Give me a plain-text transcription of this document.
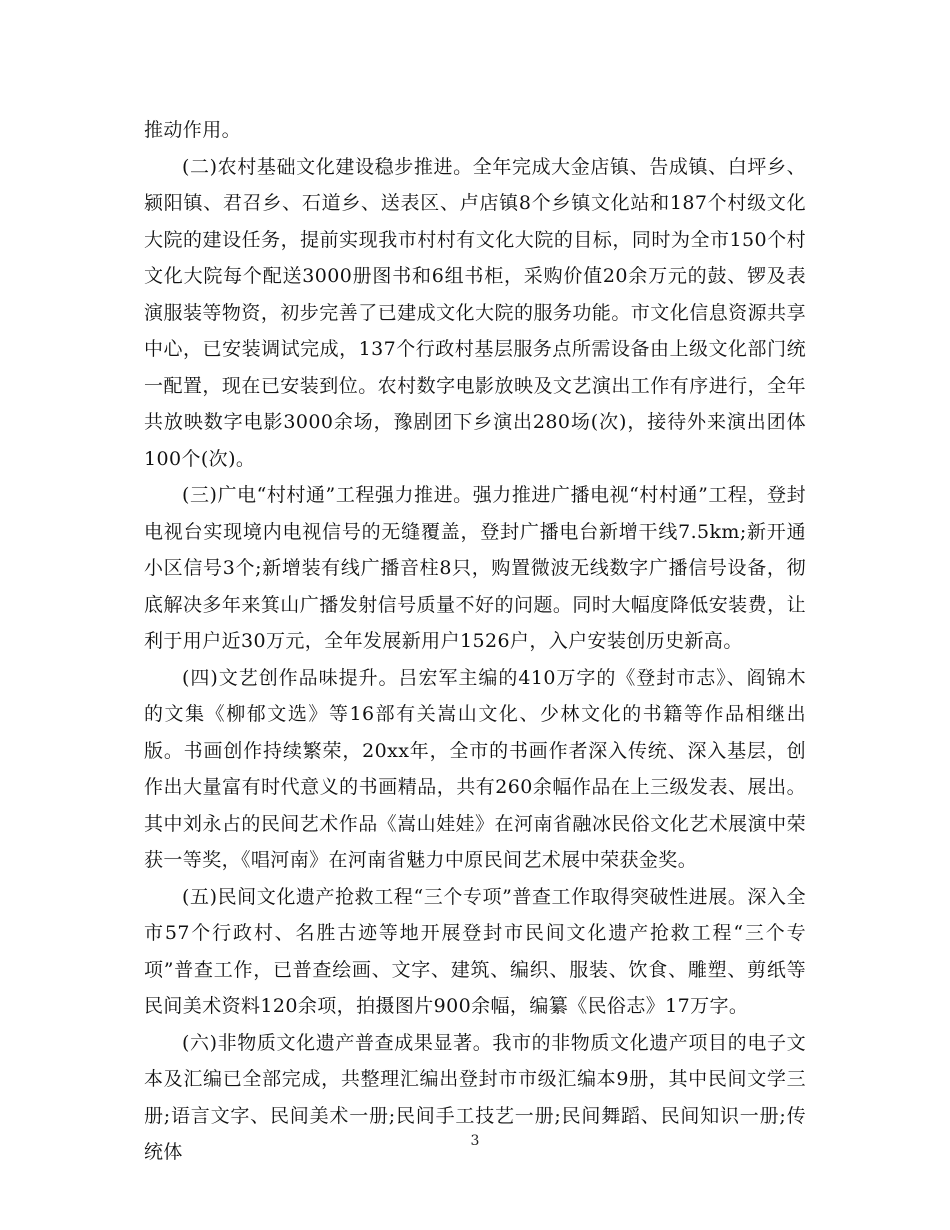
推动作用。

(二)农村基础文化建设稳步推进。全年完成大金店镇、告成镇、白坪乡、颍阳镇、君召乡、石道乡、送表区、卢店镇8个乡镇文化站和187个村级文化大院的建设任务，提前实现我市村村有文化大院的目标，同时为全市150个村文化大院每个配送3000册图书和6组书柜，采购价值20余万元的鼓、锣及表演服装等物资，初步完善了已建成文化大院的服务功能。市文化信息资源共享中心，已安装调试完成，137个行政村基层服务点所需设备由上级文化部门统一配置，现在已安装到位。农村数字电影放映及文艺演出工作有序进行，全年共放映数字电影3000余场，豫剧团下乡演出280场(次)，接待外来演出团体100个(次)。

(三)广电“村村通”工程强力推进。强力推进广播电视“村村通”工程，登封电视台实现境内电视信号的无缝覆盖，登封广播电台新增干线7.5km;新开通小区信号3个;新增装有线广播音柱8只，购置微波无线数字广播信号设备，彻底解决多年来箕山广播发射信号质量不好的问题。同时大幅度降低安装费，让利于用户近30万元，全年发展新用户1526户，入户安装创历史新高。

(四)文艺创作品味提升。吕宏军主编的410万字的《登封市志》、阎锦木的文集《柳郁文选》等16部有关嵩山文化、少林文化的书籍等作品相继出版。书画创作持续繁荣，20xx年，全市的书画作者深入传统、深入基层，创作出大量富有时代意义的书画精品，共有260余幅作品在上三级发表、展出。其中刘永占的民间艺术作品《嵩山娃娃》在河南省融冰民俗文化艺术展演中荣获一等奖，《唱河南》在河南省魅力中原民间艺术展中荣获金奖。

(五)民间文化遗产抢救工程“三个专项”普查工作取得突破性进展。深入全市57个行政村、名胜古迹等地开展登封市民间文化遗产抢救工程“三个专项”普查工作，已普查绘画、文字、建筑、编织、服装、饮食、雕塑、剪纸等民间美术资料120余项，拍摄图片900余幅，编纂《民俗志》17万字。

(六)非物质文化遗产普查成果显著。我市的非物质文化遗产项目的电子文本及汇编已全部完成，共整理汇编出登封市市级汇编本9册，其中民间文学三册;语言文字、民间美术一册;民间手工技艺一册;民间舞蹈、民间知识一册;传统体	3
